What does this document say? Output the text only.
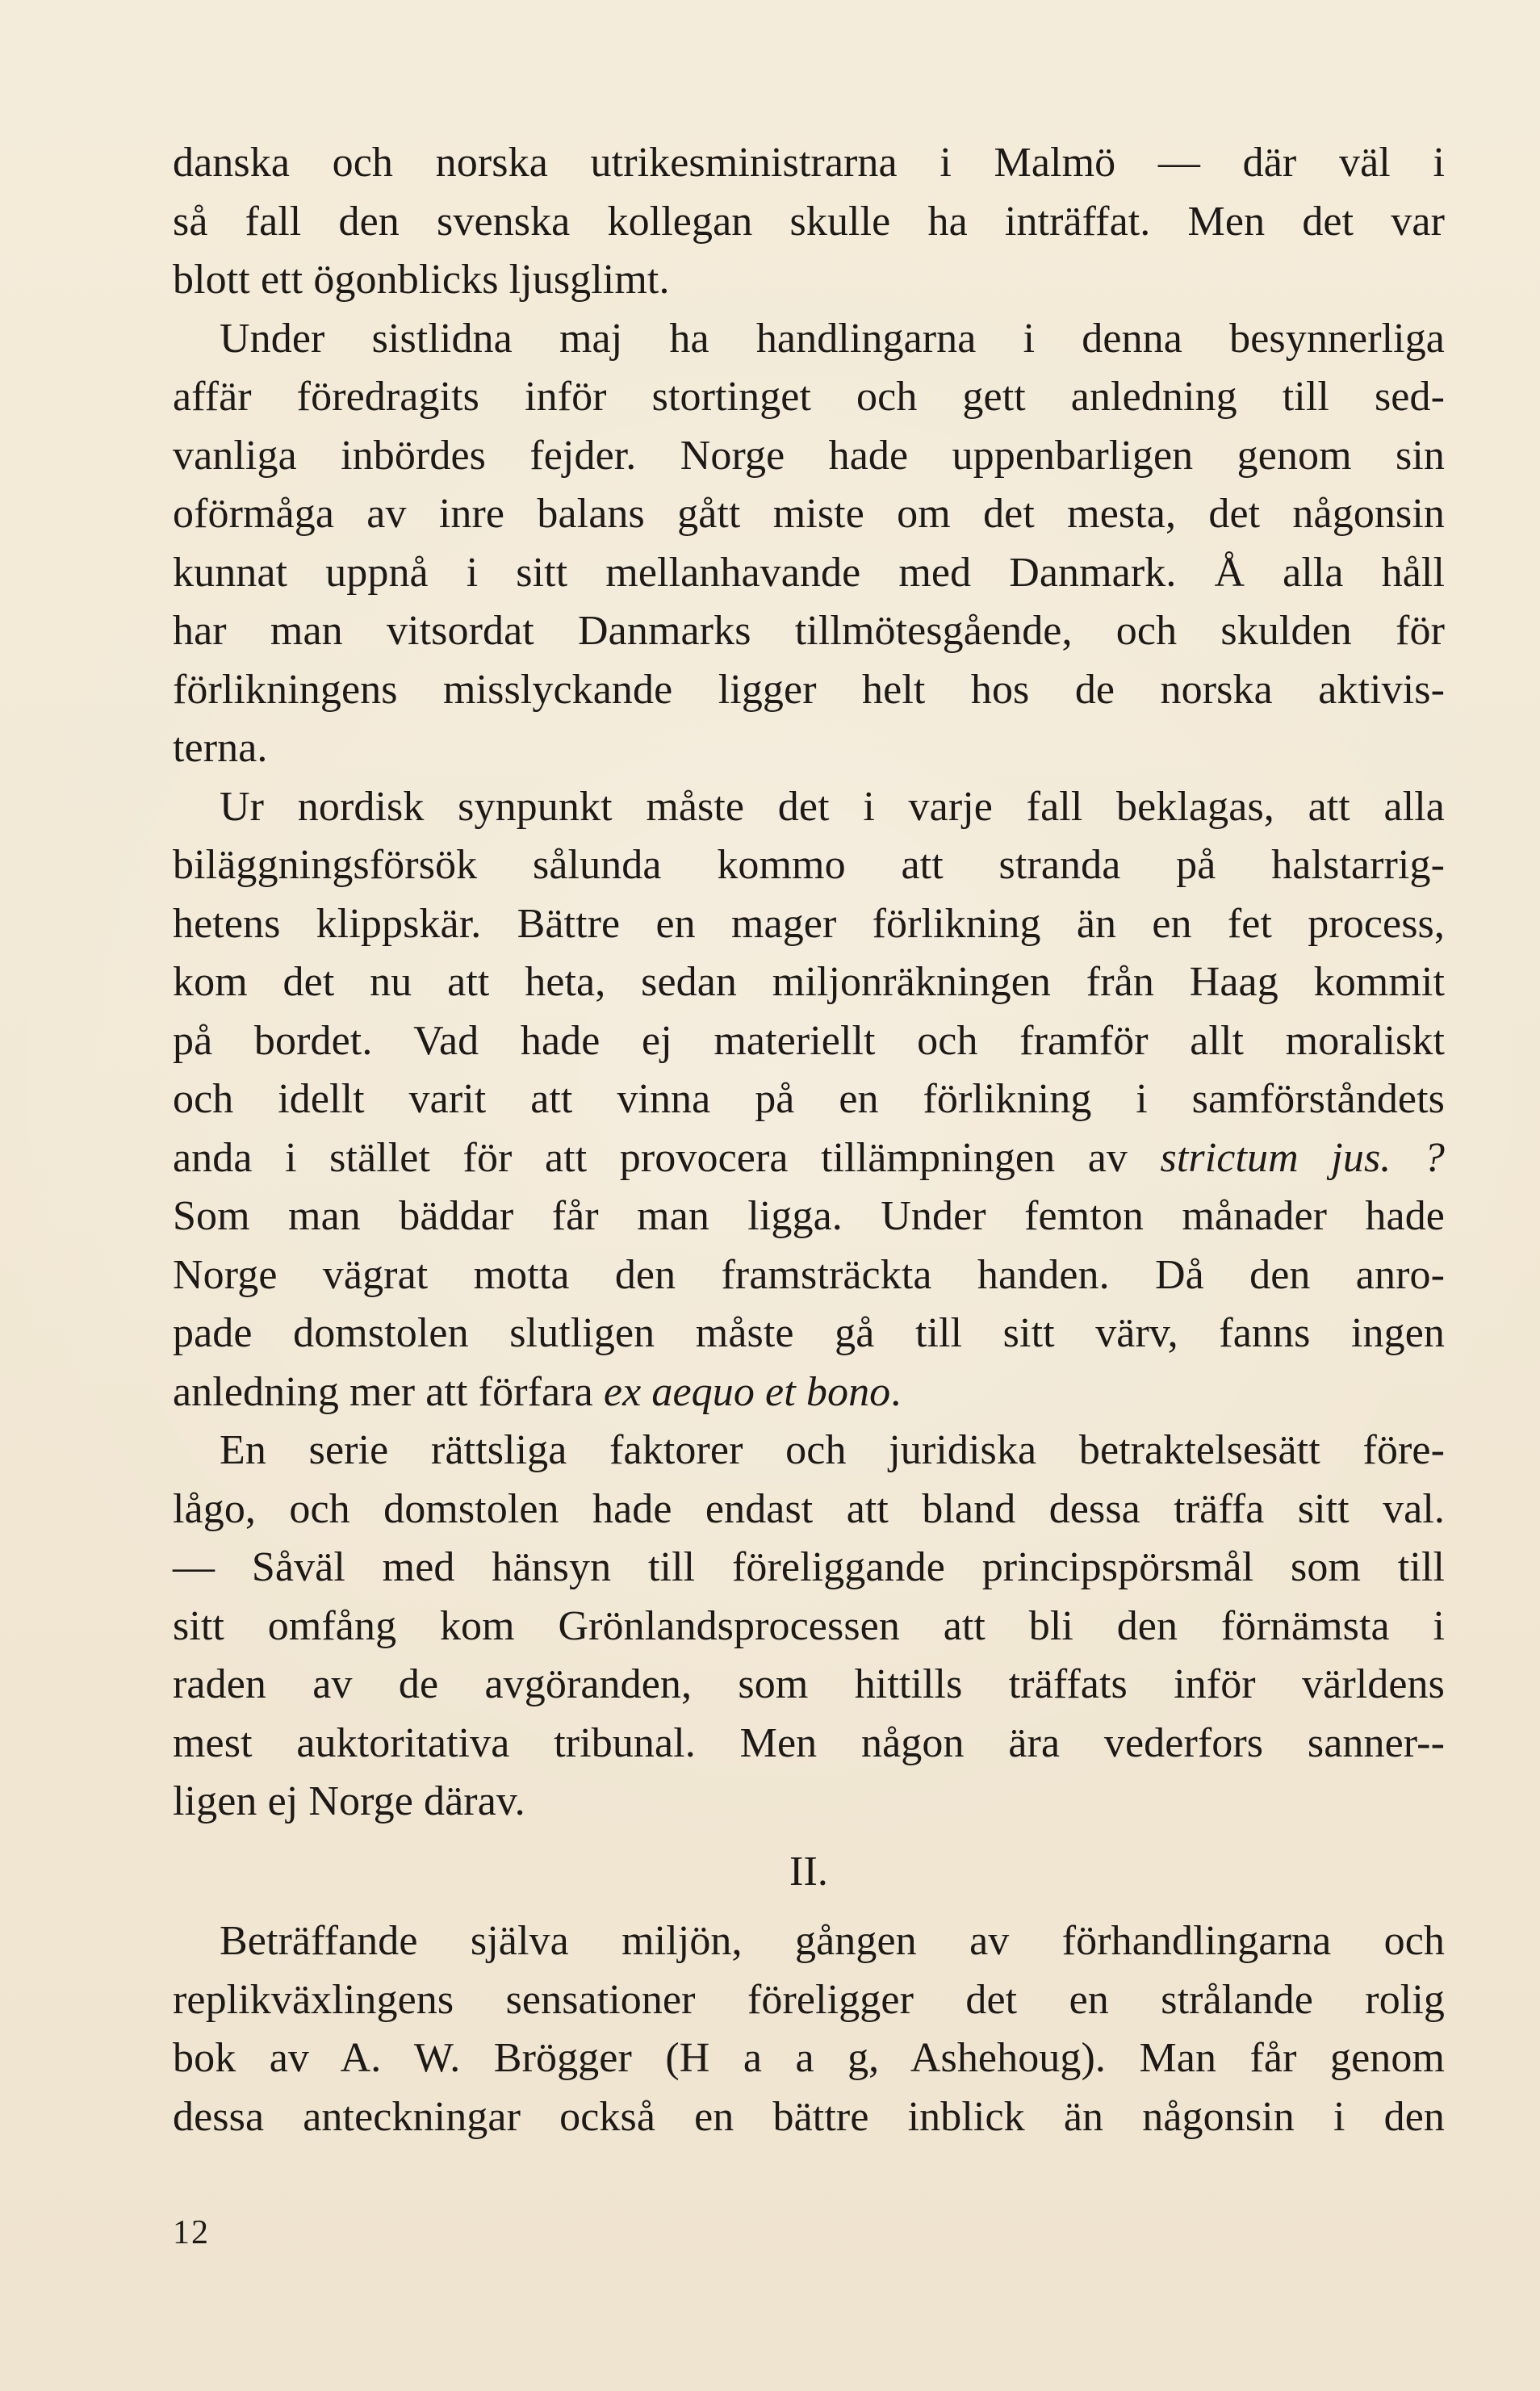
danska och norska utrikesministrarna i Malmö — där väl i
så fall den svenska kollegan skulle ha inträffat. Men det var
blott ett ögonblicks ljusglimt.
Under sistlidna maj ha handlingarna i denna besynnerliga
affär föredragits inför stortinget och gett anledning till sed-
vanliga inbördes fejder. Norge hade uppenbarligen genom sin
oförmåga av inre balans gått miste om det mesta, det någonsin
kunnat uppnå i sitt mellanhavande med Danmark. Å alla håll
har man vitsordat Danmarks tillmötesgående, och skulden för
förlikningens misslyckande ligger helt hos de norska aktivis-
terna.
Ur nordisk synpunkt måste det i varje fall beklagas, att alla
biläggningsförsök sålunda kommo att stranda på halstarrig-
hetens klippskär. Bättre en mager förlikning än en fet process,
kom det nu att heta, sedan miljonräkningen från Haag kommit
på bordet. Vad hade ej materiellt och framför allt moraliskt
och idellt varit att vinna på en förlikning i samförståndets
anda i stället för att provocera tillämpningen av strictum jus. ?
Som man bäddar får man ligga. Under femton månader hade
Norge vägrat motta den framsträckta handen. Då den anro-
pade domstolen slutligen måste gå till sitt värv, fanns ingen
anledning mer att förfara ex aequo et bono.
En serie rättsliga faktorer och juridiska betraktelsesätt före-
lågo, och domstolen hade endast att bland dessa träffa sitt val.
— Såväl med hänsyn till föreliggande principspörsmål som till
sitt omfång kom Grönlandsprocessen att bli den förnämsta i
raden av de avgöranden, som hittills träffats inför världens
mest auktoritativa tribunal. Men någon ära vederfors sanner--
ligen ej Norge därav.
II.
Beträffande själva miljön, gången av förhandlingarna och
replikväxlingens sensationer föreligger det en strålande rolig
bok av A. W. Brögger (H a a g, Ashehoug). Man får genom
dessa anteckningar också en bättre inblick än någonsin i den
12
